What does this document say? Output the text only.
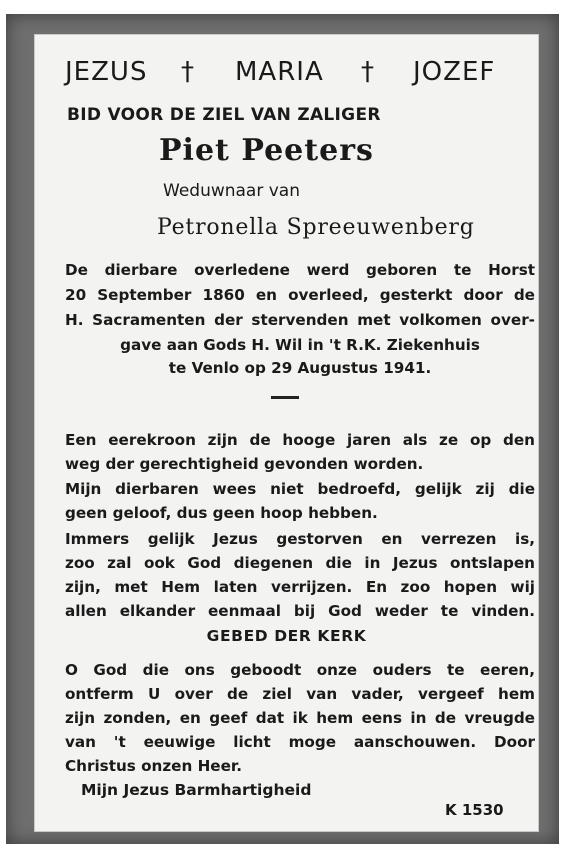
JEZUS † MARIA † JOZEF

BID VOOR DE ZIEL VAN ZALIGER

Piet Peeters

Weduwnaar van

Petronella Spreeuwenberg

De dierbare overledene werd geboren te Horst

20 September 1860 en overleed, gesterkt door de

H. Sacramenten der stervenden met volkomen over-

gave aan Gods H. Wil in 't R.K. Ziekenhuis

te Venlo op 29 Augustus 1941.

Een eerekroon zijn de hooge jaren als ze op den

weg der gerechtigheid gevonden worden.

Mijn dierbaren wees niet bedroefd, gelijk zij die

geen geloof, dus geen hoop hebben.

Immers gelijk Jezus gestorven en verrezen is,

zoo zal ook God diegenen die in Jezus ontslapen

zijn, met Hem laten verrijzen. En zoo hopen wij

allen elkander eenmaal bij God weder te vinden.

GEBED DER KERK

O God die ons geboodt onze ouders te eeren,

ontferm U over de ziel van vader, vergeef hem

zijn zonden, en geef dat ik hem eens in de vreugde

van 't eeuwige licht moge aanschouwen. Door

Christus onzen Heer.

Mijn Jezus Barmhartigheid

K 1530
